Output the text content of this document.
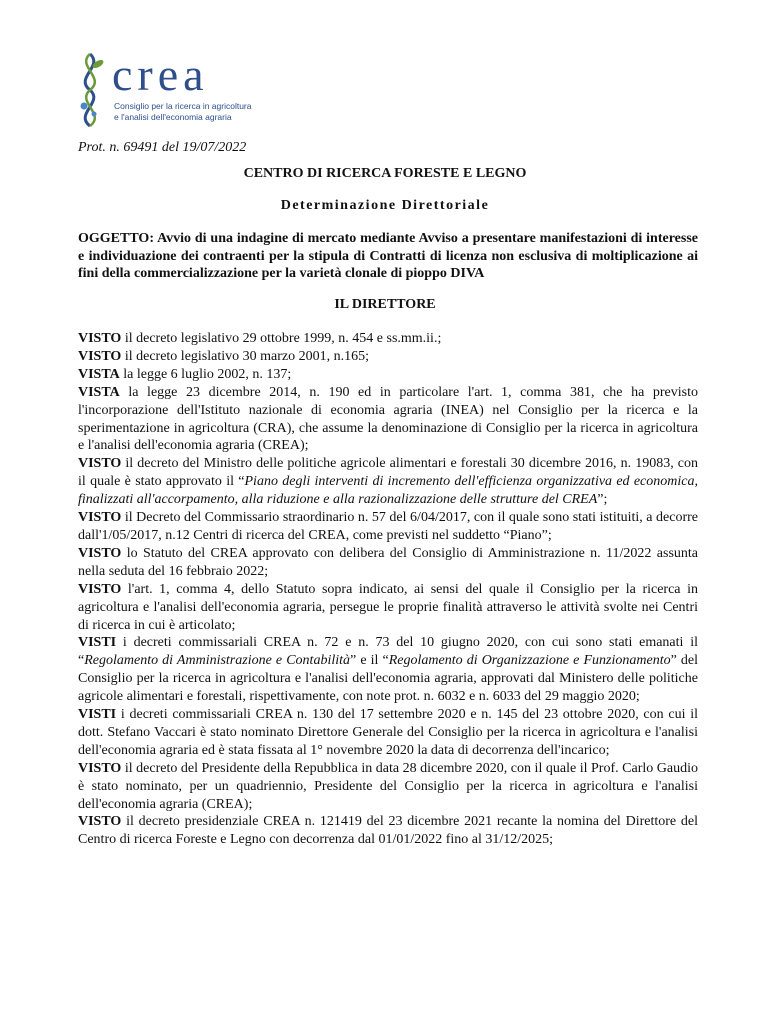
crea
Consiglio per la ricerca in agricoltura
e l'analisi dell'economia agraria
Prot. n. 69491 del 19/07/2022
CENTRO DI RICERCA FORESTE E LEGNO
Determinazione Direttoriale
OGGETTO: Avvio di una indagine di mercato mediante Avviso a presentare manifestazioni di interesse e individuazione dei contraenti per la stipula di Contratti di licenza non esclusiva di moltiplicazione ai fini della commercializzazione per la varietà clonale di pioppo DIVA
IL DIRETTORE

VISTO il decreto legislativo 29 ottobre 1999, n. 454 e ss.mm.ii.;

VISTO il decreto legislativo 30 marzo 2001, n.165;

VISTA la legge 6 luglio 2002, n. 137;

VISTA la legge 23 dicembre 2014, n. 190 ed in particolare l'art. 1, comma 381, che ha previsto l'incorporazione dell'Istituto nazionale di economia agraria (INEA) nel Consiglio per la ricerca e la sperimentazione in agricoltura (CRA), che assume la denominazione di Consiglio per la ricerca in agricoltura e l'analisi dell'economia agraria (CREA);

VISTO il decreto del Ministro delle politiche agricole alimentari e forestali 30 dicembre 2016, n. 19083, con il quale è stato approvato il “Piano degli interventi di incremento dell'efficienza organizzativa ed economica, finalizzati all'accorpamento, alla riduzione e alla razionalizzazione delle strutture del CREA”;

VISTO il Decreto del Commissario straordinario n. 57 del 6/04/2017, con il quale sono stati istituiti, a decorre dall'1/05/2017, n.12 Centri di ricerca del CREA, come previsti nel suddetto “Piano”;

VISTO lo Statuto del CREA approvato con delibera del Consiglio di Amministrazione n. 11/2022 assunta nella seduta del 16 febbraio 2022;

VISTO l'art. 1, comma 4, dello Statuto sopra indicato, ai sensi del quale il Consiglio per la ricerca in agricoltura e l'analisi dell'economia agraria, persegue le proprie finalità attraverso le attività svolte nei Centri di ricerca in cui è articolato;

VISTI i decreti commissariali CREA n. 72 e n. 73 del 10 giugno 2020, con cui sono stati emanati il “Regolamento di Amministrazione e Contabilità” e il “Regolamento di Organizzazione e Funzionamento” del Consiglio per la ricerca in agricoltura e l'analisi dell'economia agraria, approvati dal Ministero delle politiche agricole alimentari e forestali, rispettivamente, con note prot. n. 6032 e n. 6033 del 29 maggio 2020;

VISTI i decreti commissariali CREA n. 130 del 17 settembre 2020 e n. 145 del 23 ottobre 2020, con cui il dott. Stefano Vaccari è stato nominato Direttore Generale del Consiglio per la ricerca in agricoltura e l'analisi dell'economia agraria ed è stata fissata al 1° novembre 2020 la data di decorrenza dell'incarico;

VISTO il decreto del Presidente della Repubblica in data 28 dicembre 2020, con il quale il Prof. Carlo Gaudio è stato nominato, per un quadriennio, Presidente del Consiglio per la ricerca in agricoltura e l'analisi dell'economia agraria (CREA);

VISTO il decreto presidenziale CREA n. 121419 del 23 dicembre 2021 recante la nomina del Direttore del Centro di ricerca Foreste e Legno con decorrenza dal 01/01/2022 fino al 31/12/2025;
